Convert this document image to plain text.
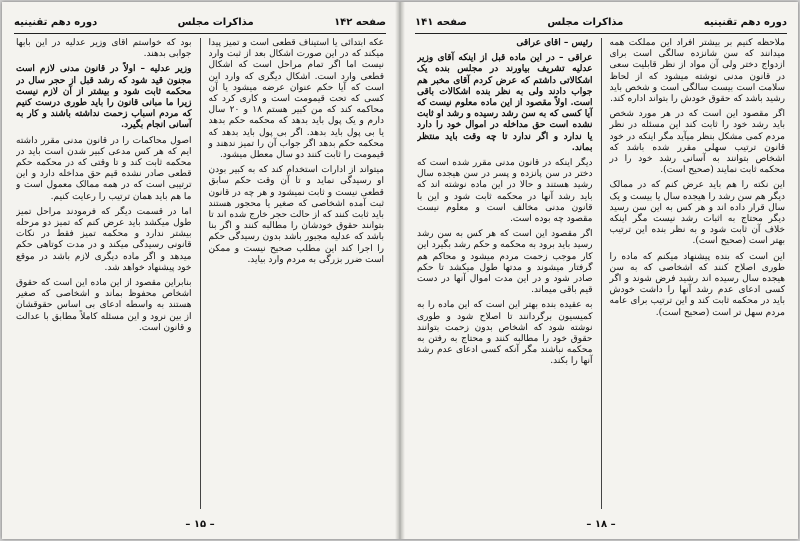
صفحه ۱۴۲
مذاکرات مجلس
دوره دهم تقنینیه

عکه ابتدائی یا استیناف قطعی است و تمیز پیدا میکند که در این صورت اشکال بعد از ثبت وارد نیست اما اگر تمام مراحل است که اشکال قطعی وارد است. اشکال دیگری که وارد این است که آیا حکم عنوان عرضه میشود یا آن کسی که تحت قیمومت است و کاری کرد که محاکمه کند که من کبیر هستم ۱۸ و ۲۰ سال دارم و یک پول باید بدهد که محکمه حکم بدهد یا بی پول باید بدهد. اگر بی پول باید بدهد که محکمه حکم بدهد اگر جواب آن را تمیز ندهند و قیمومت را ثابت کنند دو سال معطل میشود.

میتواند از ادارات استخدام کند که به کبیر بودن او رسیدگی نماید و تا آن وقت حکم سابق قطعی نیست و ثابت نمیشود و هر چه در قانون ثبت آمده اشخاصی که صغیر یا محجور هستند باید ثابت کنند که از حالت حجر خارج شده اند تا بتوانند حقوق خودشان را مطالبه کنند و اگر بنا باشد که عدلیه مجبور باشد بدون رسیدگی حکم را اجرا کند این مطلب صحیح نیست و ممکن است ضرر بزرگی به مردم وارد بیاید.

بود که خواستم آقای وزیر عدلیه در این بابها جوابی بدهند.

وزیر عدلیه – اولاً در قانون مدنی لازم است مجنون قید شود که رشد قبل از حجر سال در محکمه ثابت شود و بیشتر از آن لازم نیست زیرا ما مبانی قانون را باید طوری درست کنیم که مردم اسباب زحمت نداشته باشند و کار به آسانی انجام بگیرد.

اصول محاکمات را در قانون مدنی مقرر داشته ایم که هر کس مدعی کبیر شدن است باید در محکمه ثابت کند و تا وقتی که در محکمه حکم قطعی صادر نشده قیم حق مداخله دارد و این ترتیبی است که در همه ممالک معمول است و ما هم باید همان ترتیب را رعایت کنیم.

اما در قسمت دیگر که فرمودند مراحل تمیز طول میکشد باید عرض کنم که تمیز دو مرحله بیشتر ندارد و محکمه تمیز فقط در نکات قانونی رسیدگی میکند و در مدت کوتاهی حکم میدهد و اگر ماده دیگری لازم باشد در موقع خود پیشنهاد خواهد شد.

بنابراین مقصود از این ماده این است که حقوق اشخاص محفوظ بماند و اشخاصی که صغیر هستند به واسطه ادعای بی اساس حقوقشان از بین نرود و این مسئله کاملاً مطابق با عدالت و قانون است.

– ۱۵ –
دوره دهم تقنینیه
مذاکرات مجلس
صفحه ۱۴۱

ملاحظه کنیم بر بیشتر افراد این مملکت همه میدانند که سن شانزده سالگی است برای ازدواج دختر ولی آن مواد از نظر قابلیت سعی در قانون مدنی نوشته میشود که از لحاظ سلامت است بیست سالگی است و شخص باید رشید باشد که حقوق خودش را بتواند اداره کند.

اگر مقصود این است که در هر مورد شخص باید رشد خود را ثابت کند این مسئله در نظر مردم کمی مشکل بنظر میآید مگر اینکه در خود قانون ترتیب سهلی مقرر شده باشد که اشخاص بتوانند به آسانی رشد خود را در محکمه ثابت نمایند (صحیح است).

این نکته را هم باید عرض کنم که در ممالک دیگر هم سن رشد را هیجده سال یا بیست و یک سال قرار داده اند و هر کس به این سن رسید دیگر محتاج به اثبات رشد نیست مگر اینکه خلاف آن ثابت شود و به نظر بنده این ترتیب بهتر است (صحیح است).

این است که بنده پیشنهاد میکنم که ماده را طوری اصلاح کنند که اشخاصی که به سن هیجده سال رسیده اند رشید فرض شوند و اگر کسی ادعای عدم رشد آنها را داشت خودش باید در محکمه ثابت کند و این ترتیب برای عامه مردم سهل تر است (صحیح است).

رئیس – آقای عراقی

عراقی – در این ماده قبل از اینکه آقای وزیر عدلیه تشریف بیاورند در مجلس بنده یک اشکالاتی داشتم که عرض کردم آقای مخبر هم جواب دادند ولی به نظر بنده اشکالات باقی است. اولاً مقصود از این ماده معلوم نیست که آیا کسی که به سن رشد رسیده و رشد او ثابت نشده است حق مداخله در اموال خود را دارد یا ندارد و اگر ندارد تا چه وقت باید منتظر بماند.

دیگر اینکه در قانون مدنی مقرر شده است که دختر در سن پانزده و پسر در سن هیجده سال رشید هستند و حالا در این ماده نوشته اند که باید رشد آنها در محکمه ثابت شود و این با قانون مدنی مخالف است و معلوم نیست مقصود چه بوده است.

اگر مقصود این است که هر کس به سن رشد رسید باید برود به محکمه و حکم رشد بگیرد این کار موجب زحمت مردم میشود و محاکم هم گرفتار میشوند و مدتها طول میکشد تا حکم صادر شود و در این مدت اموال آنها در دست قیم باقی میماند.

به عقیده بنده بهتر این است که این ماده را به کمیسیون برگردانند تا اصلاح شود و طوری نوشته شود که اشخاص بدون زحمت بتوانند حقوق خود را مطالبه کنند و محتاج به رفتن به محکمه نباشند مگر آنکه کسی ادعای عدم رشد آنها را بکند.

– ۱۸ –
